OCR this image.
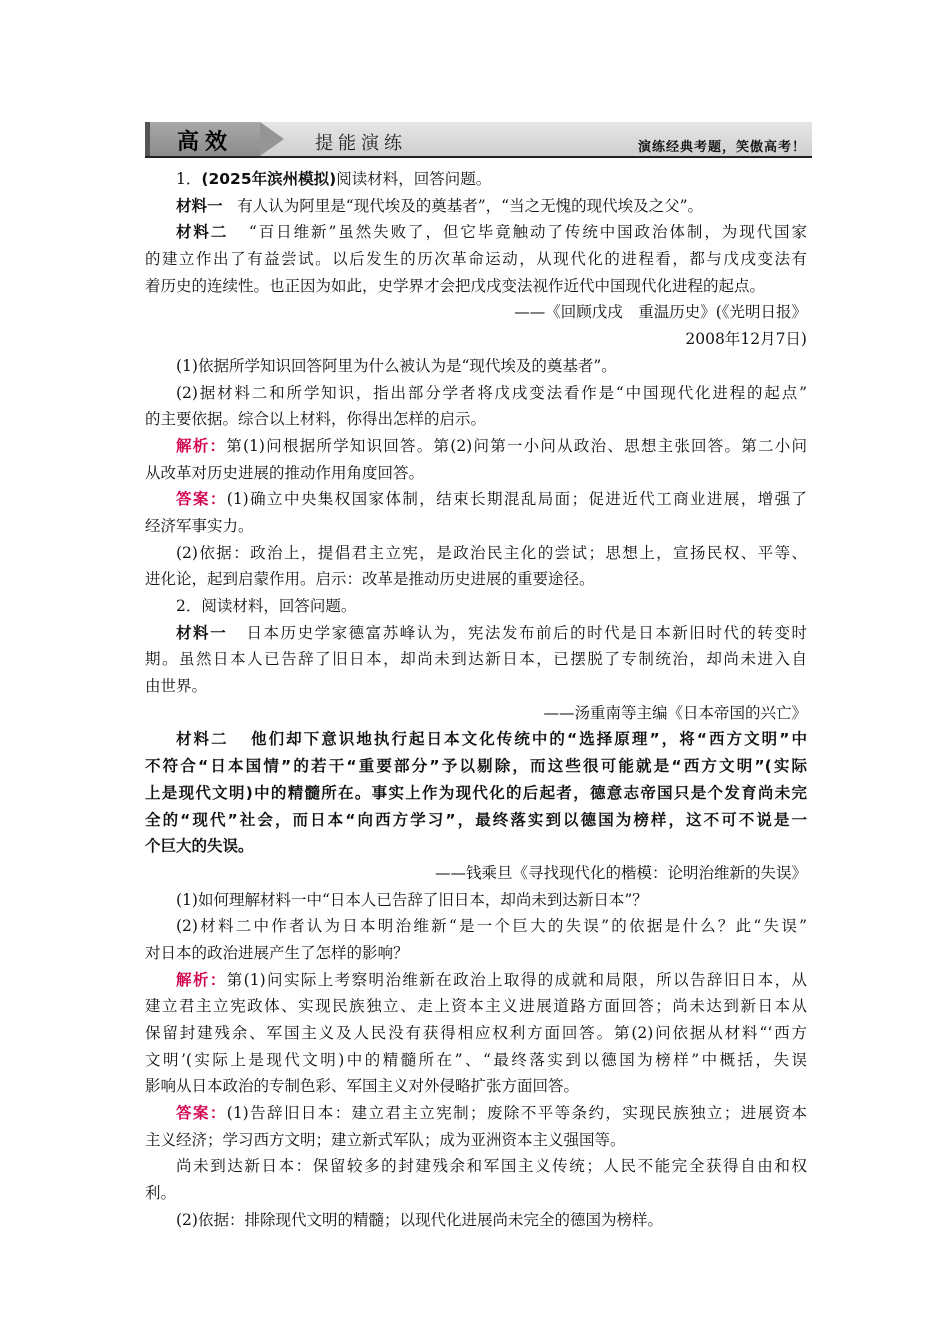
高效	提能演练	演练经典考题，笑傲高考！
1．(2025年滨州模拟)阅读材料，回答问题。
材料一 有人认为阿里是“现代埃及的奠基者”，“当之无愧的现代埃及之父”。
材料二 “百日维新”虽然失败了，但它毕竟触动了传统中国政治体制，为现代国家
的建立作出了有益尝试。以后发生的历次革命运动，从现代化的进程看，都与戊戌变法有
着历史的连续性。也正因为如此，史学界才会把戊戌变法视作近代中国现代化进程的起点。
——《回顾戊戌　重温历史》(《光明日报》
2008年12月7日)
(1)依据所学知识回答阿里为什么被认为是“现代埃及的奠基者”。
(2)据材料二和所学知识，指出部分学者将戊戌变法看作是“中国现代化进程的起点”
的主要依据。综合以上材料，你得出怎样的启示。
解析：第(1)问根据所学知识回答。第(2)问第一小问从政治、思想主张回答。第二小问
从改革对历史进展的推动作用角度回答。
答案：(1)确立中央集权国家体制，结束长期混乱局面；促进近代工商业进展，增强了
经济军事实力。
(2)依据：政治上，提倡君主立宪，是政治民主化的尝试；思想上，宣扬民权、平等、
进化论，起到启蒙作用。启示：改革是推动历史进展的重要途径。
2．阅读材料，回答问题。
材料一 日本历史学家德富苏峰认为，宪法发布前后的时代是日本新旧时代的转变时
期。虽然日本人已告辞了旧日本，却尚未到达新日本，已摆脱了专制统治，却尚未进入自
由世界。
——汤重南等主编《日本帝国的兴亡》
材料二 他们却下意识地执行起日本文化传统中的“选择原理”，将“西方文明”中
不符合“日本国情”的若干“重要部分”予以剔除，而这些很可能就是“西方文明”(实际
上是现代文明)中的精髓所在。事实上作为现代化的后起者，德意志帝国只是个发育尚未完
全的“现代”社会，而日本“向西方学习”，最终落实到以德国为榜样，这不可不说是一
个巨大的失误。
——钱乘旦《寻找现代化的楷模：论明治维新的失误》
(1)如何理解材料一中“日本人已告辞了旧日本，却尚未到达新日本”？
(2)材料二中作者认为日本明治维新“是一个巨大的失误”的依据是什么？此“失误”
对日本的政治进展产生了怎样的影响？
解析：第(1)问实际上考察明治维新在政治上取得的成就和局限，所以告辞旧日本，从
建立君主立宪政体、实现民族独立、走上资本主义进展道路方面回答；尚未达到新日本从
保留封建残余、军国主义及人民没有获得相应权利方面回答。第(2)问依据从材料“‘西方
文明’(实际上是现代文明)中的精髓所在”、“最终落实到以德国为榜样”中概括，失误
影响从日本政治的专制色彩、军国主义对外侵略扩张方面回答。
答案：(1)告辞旧日本：建立君主立宪制；废除不平等条约，实现民族独立；进展资本
主义经济；学习西方文明；建立新式军队；成为亚洲资本主义强国等。
尚未到达新日本：保留较多的封建残余和军国主义传统；人民不能完全获得自由和权
利。
(2)依据：排除现代文明的精髓；以现代化进展尚未完全的德国为榜样。
